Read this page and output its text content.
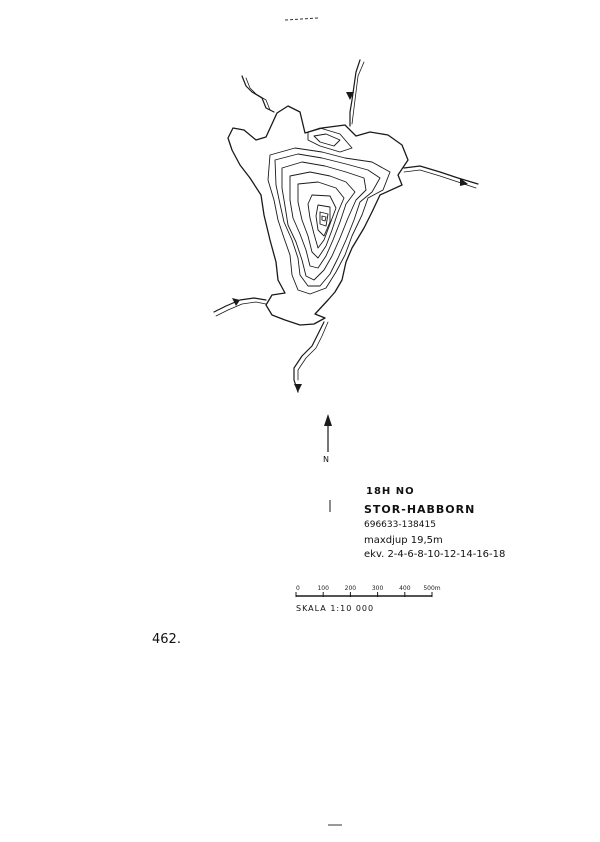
0	100	200	300	400 500m
18H NO
STOR-HABBORN
696633-138415
maxdjup 19,5m
ekv. 2-4-6-8-10-12-14-16-18
SKALA 1:10 000
N
462.
